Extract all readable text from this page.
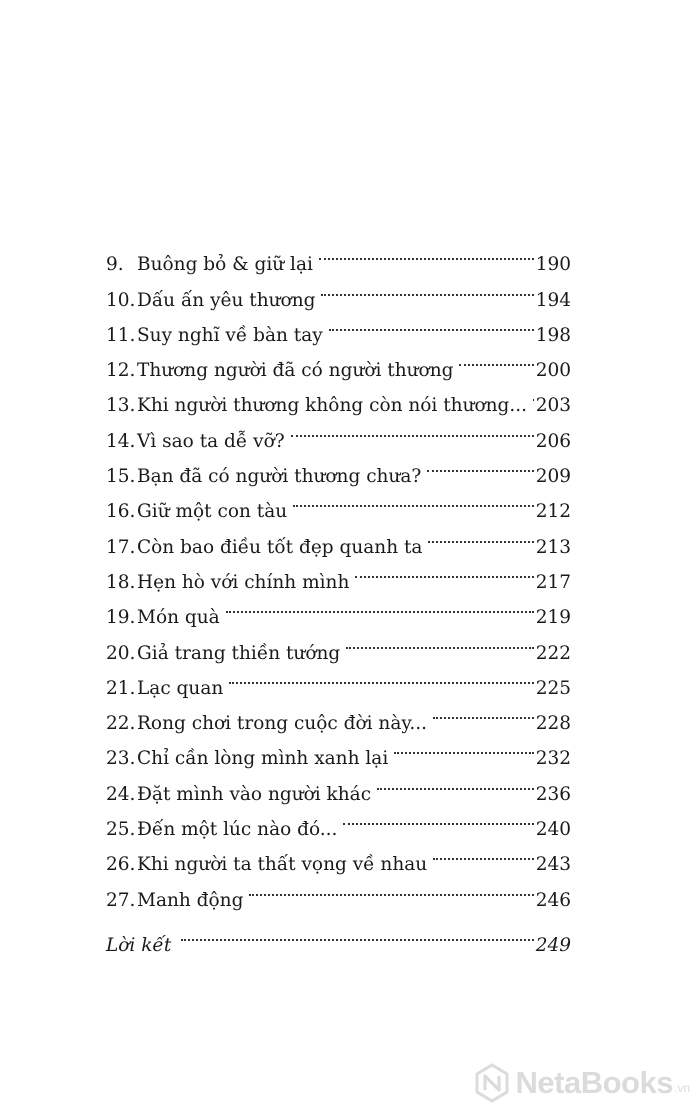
9. Buông bỏ & giữ lại	190
10. Dấu ấn yêu thương	194
11. Suy nghĩ về bàn tay	198
12. Thương người đã có người thương	200
13. Khi người thương không còn nói thương... 203
14. Vì sao ta dễ vỡ?	206
15. Bạn đã có người thương chưa?	209
16. Giữ một con tàu	212
17. Còn bao điều tốt đẹp quanh ta	213
18. Hẹn hò với chính mình	217
19. Món quà	219
20. Giả trang thiền tướng	222
21. Lạc quan	225
22. Rong chơi trong cuộc đời này...	228
23. Chỉ cần lòng mình xanh lại	232
24. Đặt mình vào người khác	236
25. Đến một lúc nào đó...	240
26. Khi người ta thất vọng về nhau	243
27. Manh động	246
Lời kết	249
NetaBooks .vn
